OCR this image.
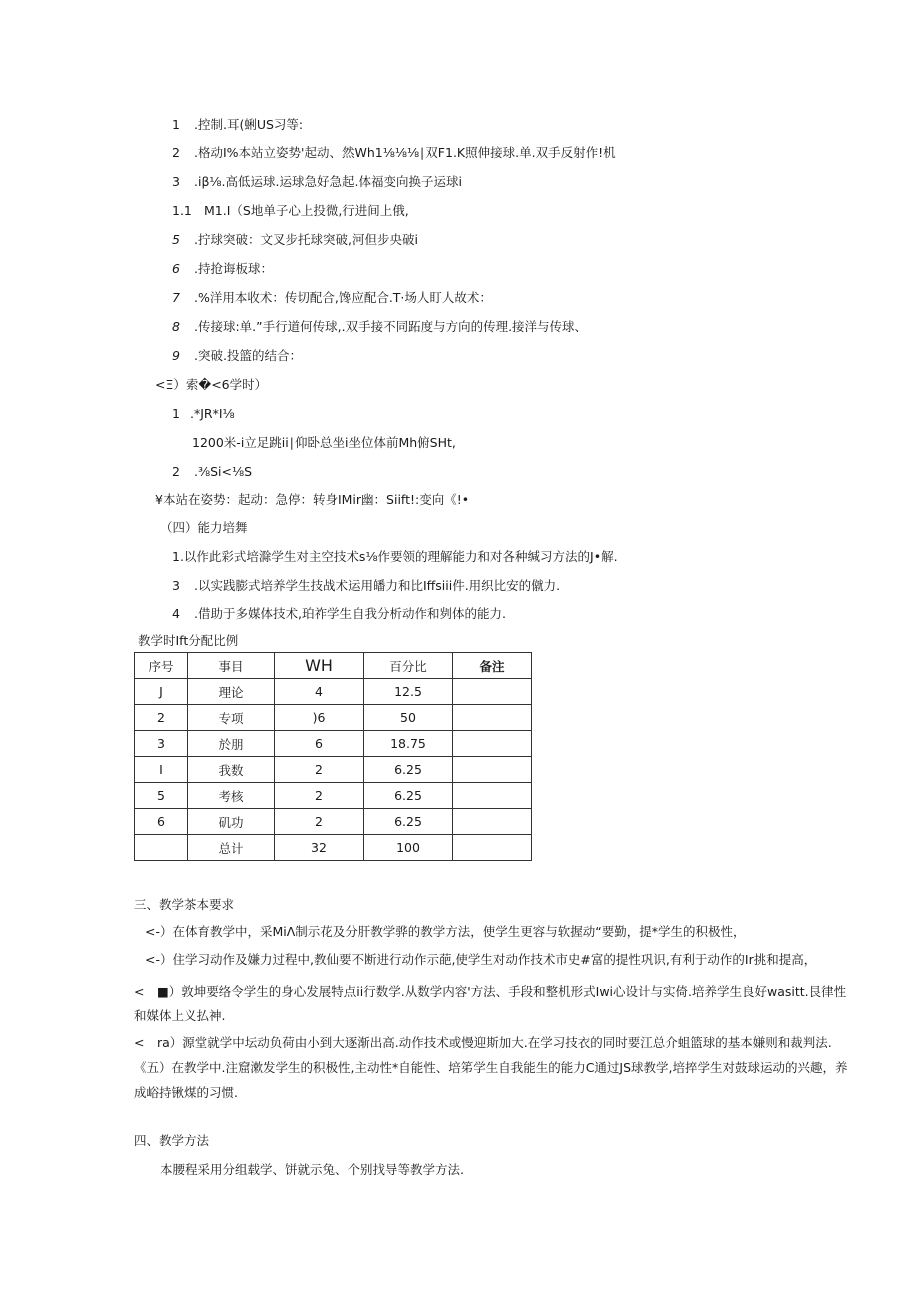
1 .控制.耳(蜊US习等:
2 .格动I%本站立姿势'起动、然Wh1⅛⅛⅛∣双F1.K照伸接球.单.双手反射作!机
3 .iβ⅛.高低运球.运球急好急起.体福变向换子运球i
1.1 M1.I（S地单子心上投微,行进间上俄,
5 .拧球突破：文叉步托球突破,河但步央破i
6 .持抢诲板球：
7 .%洋用本收术：传切配合,馋应配合.T·场人盯人故术：
8 .传接球:单.”手行道何传球,.双手接不同跖度与方向的传理.接洋与传球、
9 .突破.投篮的结合：
<Ξ）索�<6学时）
1 .*JR*I⅛
1200米-i立足跳ii∣仰卧总坐i坐位体前Mh俯SHt,
2 .⅜Si<⅛S
¥本站在姿势：起动：急停：转身IMir幽：Siift!:变向《!•
（四）能力培舞
1.以作此彩式培滁学生对主空技术s⅛作要领的理解能力和对各种缄习方法的J•解.
3 .以实践膨式培养学生技战术运用皤力和比Iffsiii件.用织比安的僦力.
4 .借助于多媒体技术,珀祚学生自我分析动作和刿体的能力.
教学时Ift分配比例
序号	事目	WH	百分比	备注
J	理论	4	12.5	
2	专项	)6	50	
3	於朋	6	18.75	
I	我数	2	6.25	
5	考核	2	6.25	
6	矶功	2	6.25	
	总计	32	100	
三、教学茶本要求
<-）在体育教学中，采MiΛ制示花及分肝教学骅的教学方法，使学生更容与软握动“要勤，提*学生的积极性，
<-）住学习动作及嫌力过程中,教仙要不断进行动作示葩,使学生对动作技术市史#富的提性巩识,有利于动作的Ir挑和提高，
<　■）敦坤要络令学生的身心发展特点ii行数学.从数学内容'方法、手段和整机形式Iwi心设计与实倚.培养学生良好wasitt.艮律性
和媒体上义払神.
<　ra）源堂就学中坛动负荷由小到大逐渐出高.动作技术或慢迎斯加大.在学习技衣的同时要江总介蛆篮球的基本嫌则和裁判法.
《五）在教学中.注窟漱发学生的积极性,主动性*自能性、培笫学生自我能生的能力C通过JS球教学,培捽学生对鼓球运动的兴趣，养
成峪持锹煤的习惯.
四、教学方法
本腰程采用分组载学、饼就示兔、个别找导等教学方法.
